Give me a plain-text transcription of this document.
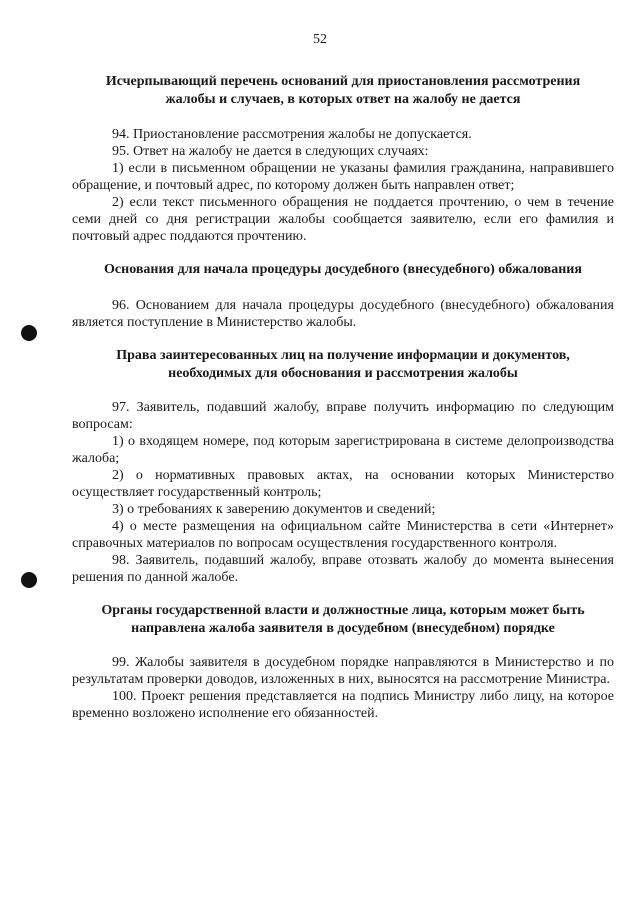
52
Исчерпывающий перечень оснований для приостановления рассмотрения
жалобы и случаев, в которых ответ на жалобу не дается

94. Приостановление рассмотрения жалобы не допускается.

95. Ответ на жалобу не дается в следующих случаях:

1) если в письменном обращении не указаны фамилия гражданина, направившего обращение, и почтовый адрес, по которому должен быть направлен ответ;

2) если текст письменного обращения не поддается прочтению, о чем в течение семи дней со дня регистрации жалобы сообщается заявителю, если его фамилия и почтовый адрес поддаются прочтению.

Основания для начала процедуры досудебного (внесудебного) обжалования

96. Основанием для начала процедуры досудебного (внесудебного) обжалования является поступление в Министерство жалобы.

Права заинтересованных лиц на получение информации и документов,
необходимых для обоснования и рассмотрения жалобы

97. Заявитель, подавший жалобу, вправе получить информацию по следующим вопросам:

1) о входящем номере, под которым зарегистрирована в системе делопроизводства жалоба;

2) о нормативных правовых актах, на основании которых Министерство осуществляет государственный контроль;

3) о требованиях к заверению документов и сведений;

4) о месте размещения на официальном сайте Министерства в сети «Интернет» справочных материалов по вопросам осуществления государственного контроля.

98. Заявитель, подавший жалобу, вправе отозвать жалобу до момента вынесения решения по данной жалобе.

Органы государственной власти и должностные лица, которым может быть
направлена жалоба заявителя в досудебном (внесудебном) порядке

99. Жалобы заявителя в досудебном порядке направляются в Министерство и по результатам проверки доводов, изложенных в них, выносятся на рассмотрение Министра.

100. Проект решения представляется на подпись Министру либо лицу, на которое временно возложено исполнение его обязанностей.
